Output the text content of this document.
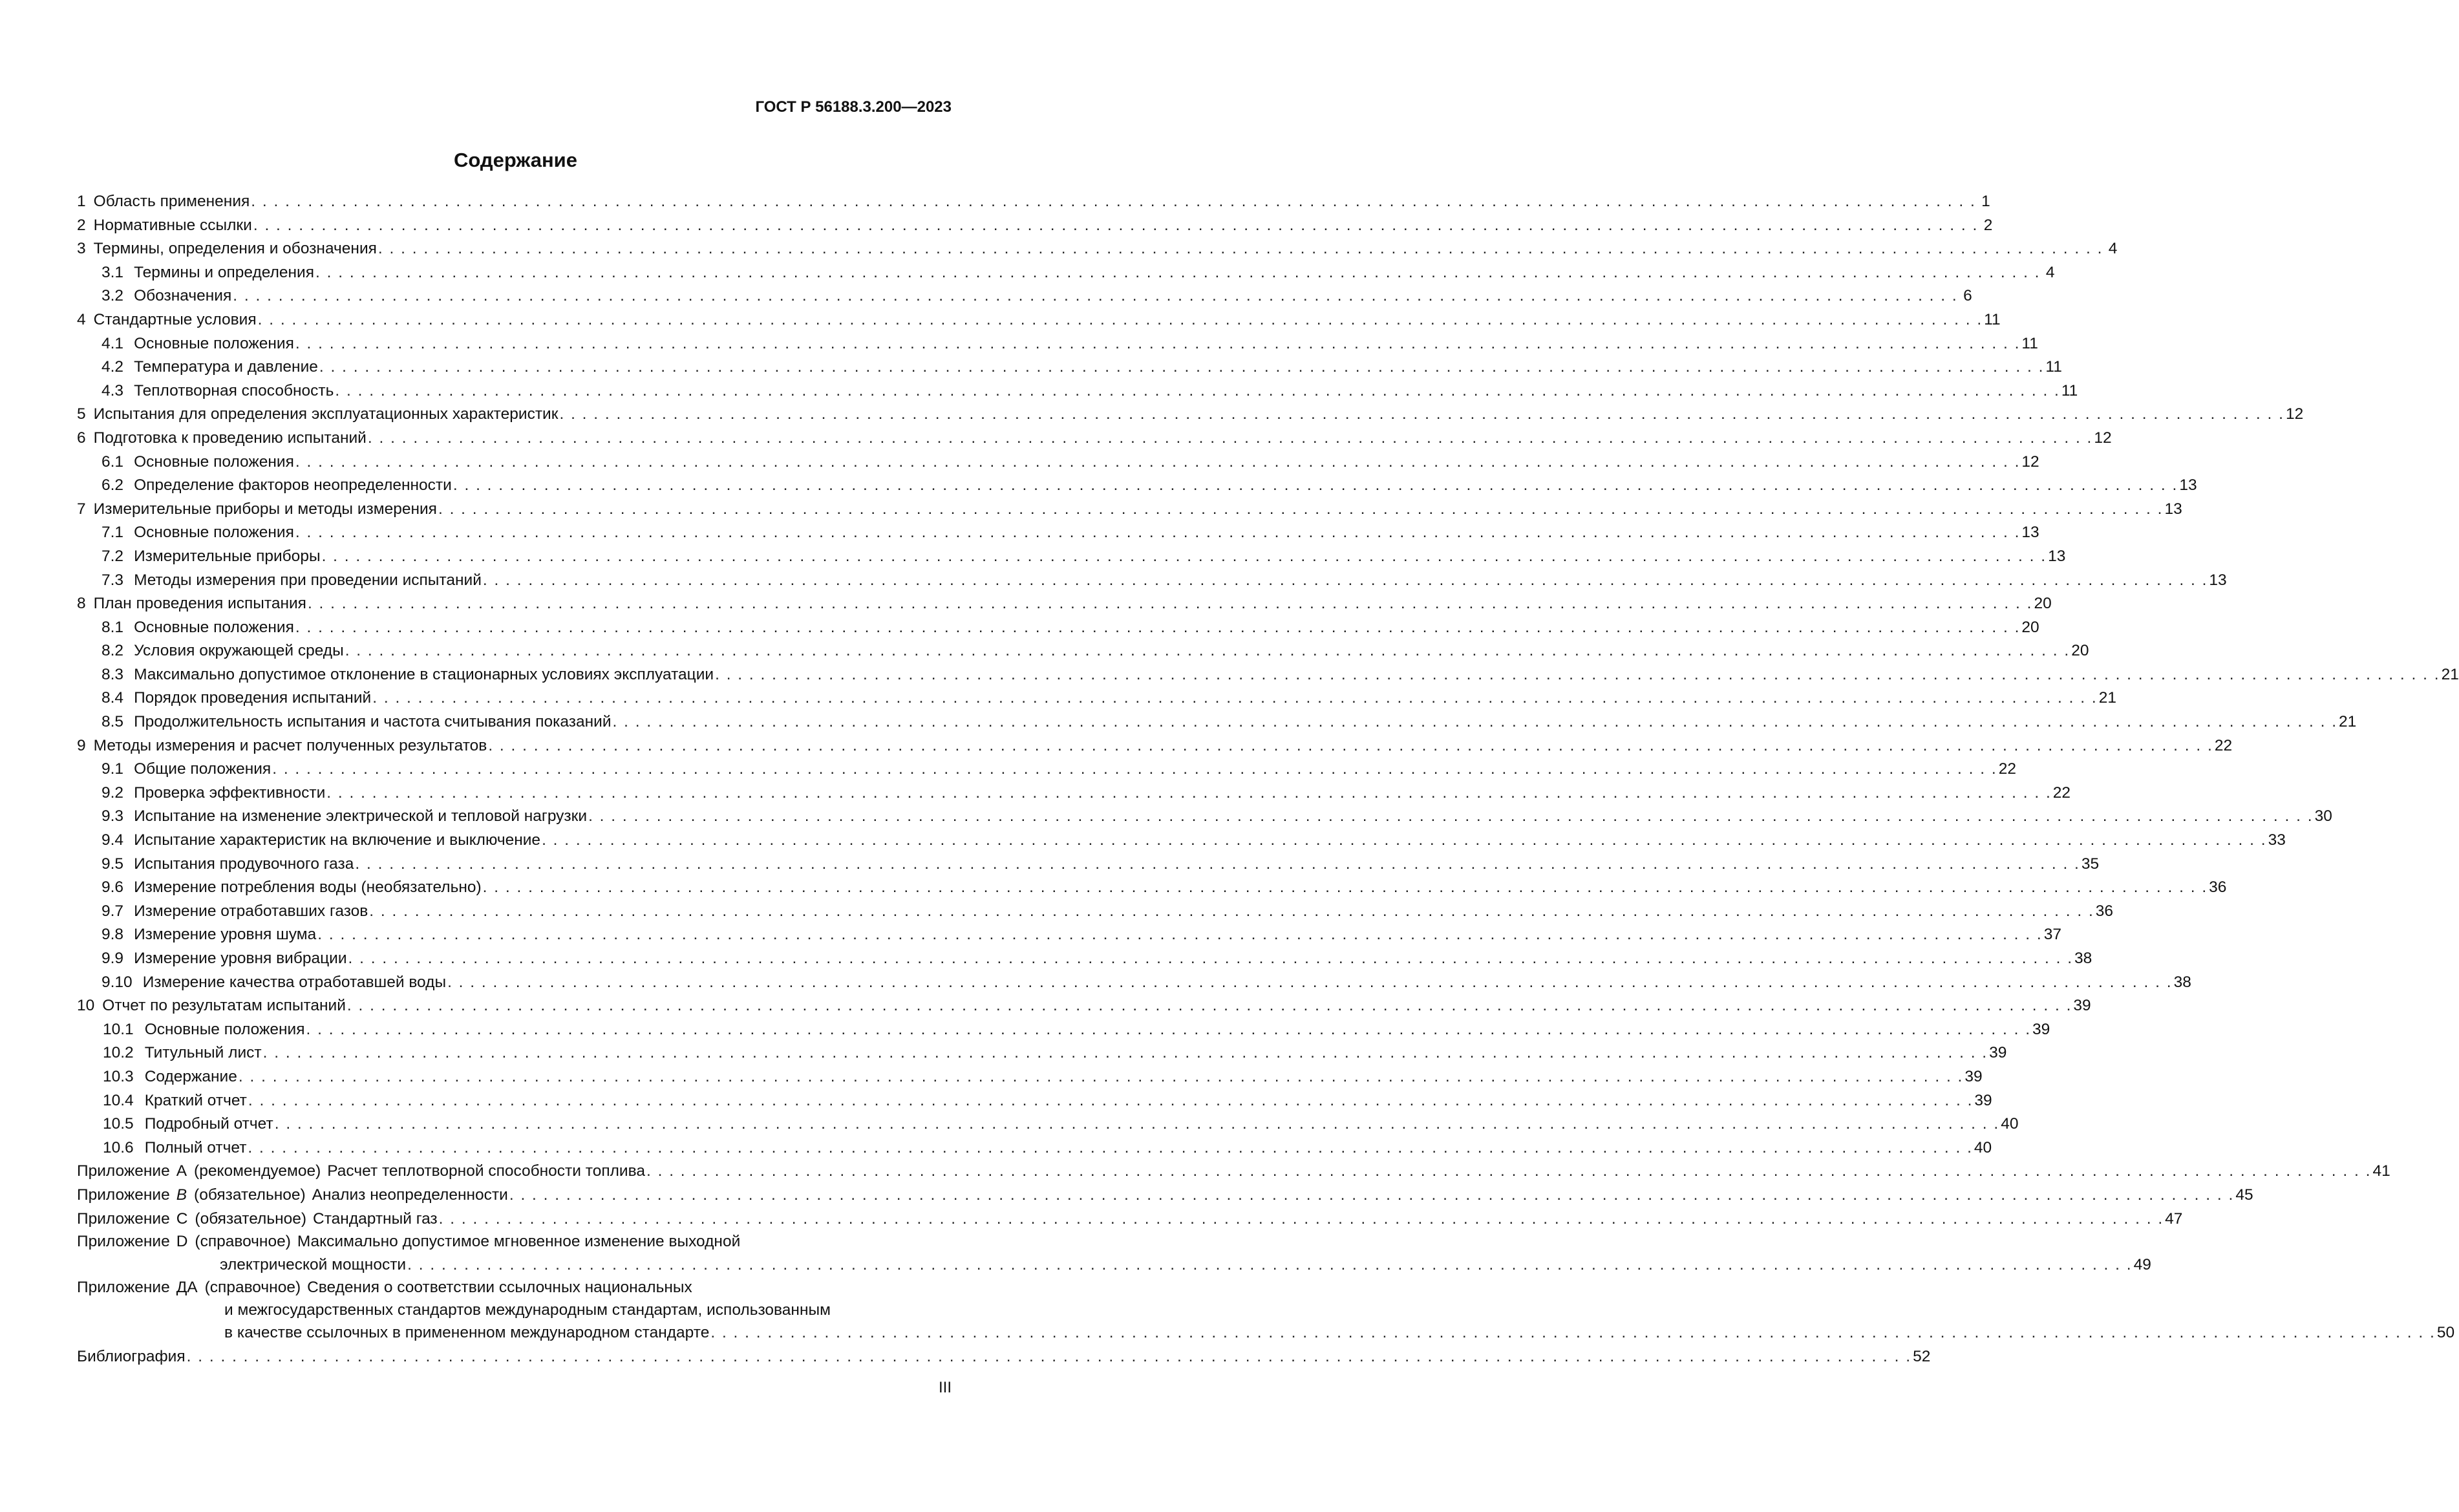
ГОСТ Р 56188.3.200—2023
Содержание
1 Область применения . . .	1
2 Нормативные ссылки . . .	2
3 Термины, определения и обозначения . . .	4
3.1 Термины и определения . . .	4
3.2 Обозначения . . .	6
4 Стандартные условия . . .	11
4.1 Основные положения . . .	11
4.2 Температура и давление . . .	11
4.3 Теплотворная способность . . .	11
5 Испытания для определения эксплуатационных характеристик . . .	12
6 Подготовка к проведению испытаний . . .	12
6.1 Основные положения . . .	12
6.2 Определение факторов неопределенности . . .	13
7 Измерительные приборы и методы измерения . . .	13
7.1 Основные положения . . .	13
7.2 Измерительные приборы . . .	13
7.3 Методы измерения при проведении испытаний . . .	13
8 План проведения испытания . . .	20
8.1 Основные положения . . .	20
8.2 Условия окружающей среды . . .	20
8.3 Максимально допустимое отклонение в стационарных условиях эксплуатации . . .	21
8.4 Порядок проведения испытаний . . .	21
8.5 Продолжительность испытания и частота считывания показаний . . .	21
9 Методы измерения и расчет полученных результатов . . .	22
9.1 Общие положения . . .	22
9.2 Проверка эффективности . . .	22
9.3 Испытание на изменение электрической и тепловой нагрузки . . .	30
9.4 Испытание характеристик на включение и выключение . . .	33
9.5 Испытания продувочного газа . . .	35
9.6 Измерение потребления воды (необязательно) . . .	36
9.7 Измерение отработавших газов . . .	36
9.8 Измерение уровня шума . . .	37
9.9 Измерение уровня вибрации . . .	38
9.10 Измерение качества отработавшей воды . . .	38
10 Отчет по результатам испытаний . . .	39
10.1 Основные положения . . .	39
10.2 Титульный лист . . .	39
10.3 Содержание . . .	39
10.4 Краткий отчет . . .	39
10.5 Подробный отчет . . .	40
10.6 Полный отчет . . .	40
Приложение А (рекомендуемое) Расчет теплотворной способности топлива . . .	41
Приложение В (обязательное) Анализ неопределенности . . .	45
Приложение С (обязательное) Стандартный газ . . .	47
Приложение D (справочное) Максимально допустимое мгновенное изменение выходной
электрической мощности . . .	49
Приложение ДА (справочное) Сведения о соответствии ссылочных национальных
и межгосударственных стандартов международным стандартам, использованным
в качестве ссылочных в примененном международном стандарте . . .	50
Библиография . . .	52
III
